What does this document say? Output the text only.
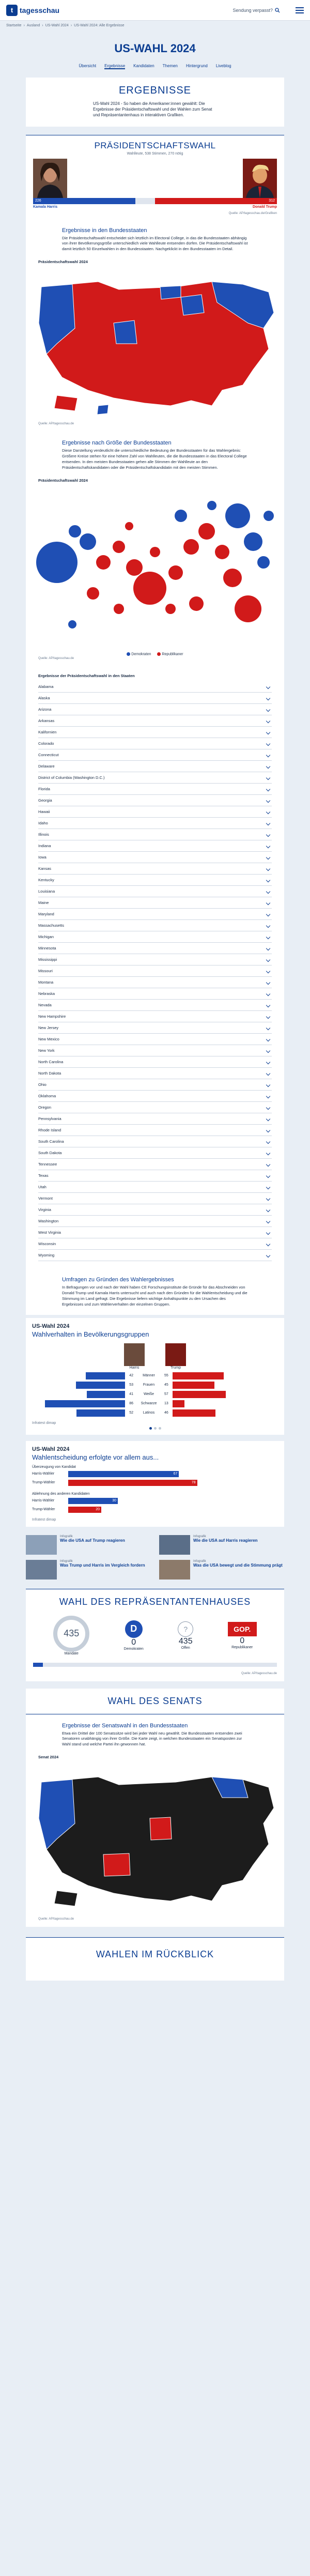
t tagesschau	Sendung verpasst?
Startseite › Ausland › US-Wahl 2024 › US-Wahl 2024: Alle Ergebnisse
US-WAHL 2024
Übersicht Ergebnisse Kandidaten Themen Hintergrund Liveblog
ERGEBNISSE
US-Wahl 2024 - So haben die Amerikaner:innen gewählt: Die Ergebnisse der Präsidentschaftswahl und der Wahlen zum Senat und Repräsentantenhaus in interaktiven Grafiken.
PRÄSIDENTSCHAFTSWAHL
Wahlleute, 538 Stimmen, 270 nötig
226	312
Kamala Harris	Donald Trump
Quelle: AP/tagesschau.de/Grafiken
Ergebnisse in den Bundesstaaten
Die Präsidentschaftswahl entscheidet sich letztlich im Electoral College, in das die Bundesstaaten abhängig von ihrer Bevölkerungsgröße unterschiedlich viele Wahlleute entsenden dürfen. Die Präsidentschaftswahl ist damit letztlich 50 Einzelwahlen in den Bundesstaaten. Nachgeklickt in den Bundesstaaten im Detail.
Präsidentschaftswahl 2024
Quelle: AP/tagesschau.de
Ergebnisse nach Größe der Bundesstaaten
Diese Darstellung verdeutlicht die unterschiedliche Bedeutung der Bundesstaaten für das Wahlergebnis: Größere Kreise stehen für eine höhere Zahl von Wahlleuten, die die Bundesstaaten in das Electoral College entsenden. In den meisten Bundesstaaten gehen alle Stimmen der Wahlleute an den Präsidentschaftskandidaten oder die Präsidentschaftskandidatin mit den meisten Stimmen.
Präsidentschaftswahl 2024
Demokraten	Republikaner
Quelle: AP/tagesschau.de
Ergebnisse der Präsidentschaftswahl in den Staaten
Alabama
Alaska
Arizona
Arkansas
Kalifornien
Colorado
Connecticut
Delaware
District of Columbia (Washington D.C.)
Florida
Georgia
Hawaii
Idaho
Illinois
Indiana
Iowa
Kansas
Kentucky
Louisiana
Maine
Maryland
Massachusetts
Michigan
Minnesota
Mississippi
Missouri
Montana
Nebraska
Nevada
New Hampshire
New Jersey
New Mexico
New York
North Carolina
North Dakota
Ohio
Oklahoma
Oregon
Pennsylvania
Rhode Island
South Carolina
South Dakota
Tennessee
Texas
Utah
Vermont
Virginia
Washington
West Virginia
Wisconsin
Wyoming
Umfragen zu Gründen des Wahlergebnisses
In Befragungen vor und nach der Wahl haben CE Forschungsinstitute die Gründe für das Abschneiden von Donald Trump und Kamala Harris untersucht und auch nach den Gründen für die Wahlentscheidung und die Stimmung im Land gefragt. Die Ergebnisse liefern wichtige Anhaltspunkte zu den Ursachen des Ergebnisses und zum Wählerverhalten der einzelnen Gruppen.
US-Wahl 2024
Wahlverhalten in Bevölkerungsgruppen
Harris	Trump
42	Männer	55
53	Frauen	45
41	Weiße	57
86	Schwarze	13
52	Latinos	46
Infratest dimap
US-Wahl 2024
Wahlentscheidung erfolgte vor allem aus...
Überzeugung von Kandidat
Harris-Wähler	67
Trump-Wähler	78
Ablehnung des anderen Kandidaten
Harris-Wähler	30
Trump-Wähler	20
Infratest dimap
Infografik
Wie die USA auf Trump reagieren
Infografik
Wie die USA auf Harris reagieren
Infografik
Was Trump und Harris im Vergleich fordern
Infografik
Was die USA bewegt und die Stimmung prägt
WAHL DES REPRÄSENTANTENHAUSES
435
Mandate
D
0
Demokraten
?
435
Offen
GOP.
0
Republikaner
Quelle: AP/tagesschau.de
WAHL DES SENATS
Ergebnisse der Senatswahl in den Bundesstaaten
Etwa ein Drittel der 100 Senatssitze wird bei jeder Wahl neu gewählt. Die Bundesstaaten entsenden zwei Senatoren unabhängig von ihrer Größe. Die Karte zeigt, in welchen Bundesstaaten ein Senatsposten zur Wahl stand und welche Partei ihn gewonnen hat.
Senat 2024
Quelle: AP/tagesschau.de
WAHLEN IM RÜCKBLICK
